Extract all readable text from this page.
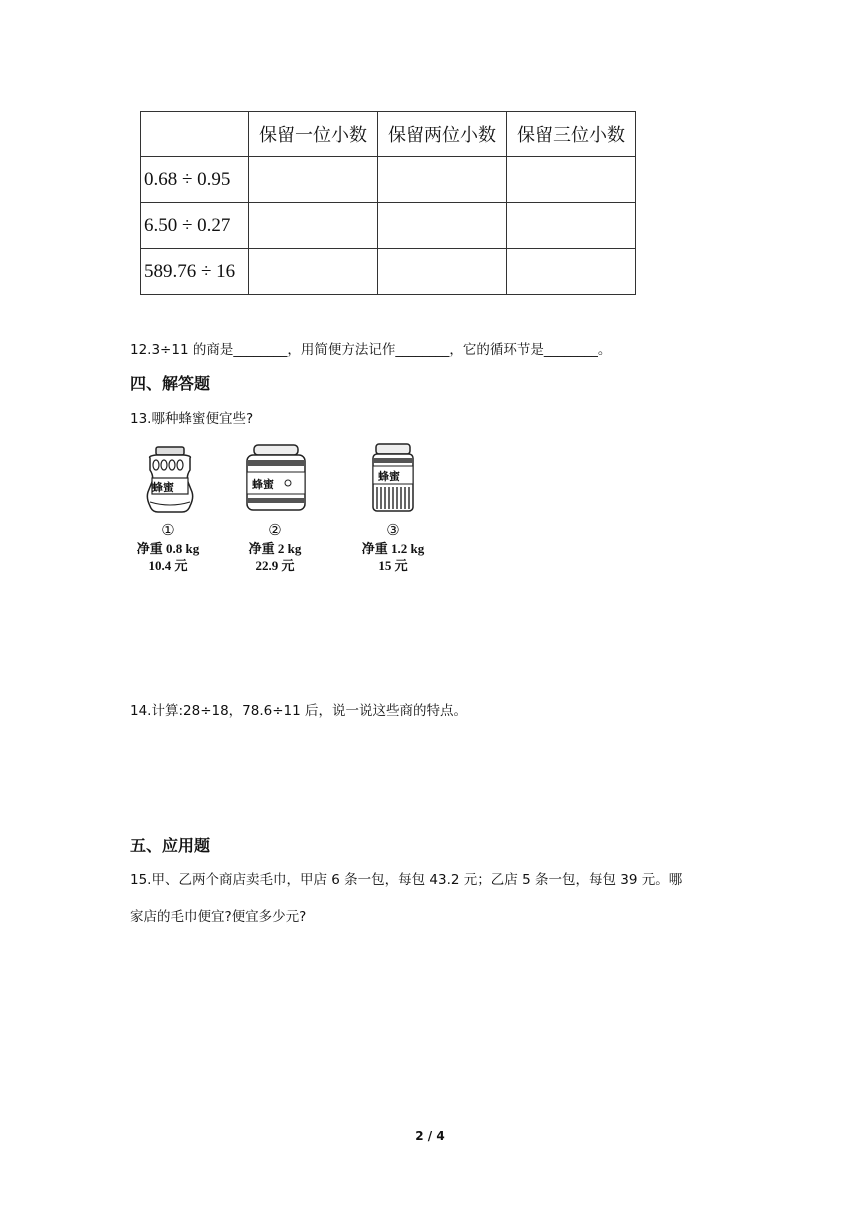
	保留一位小数	保留两位小数	保留三位小数
0.68 ÷ 0.95			
6.50 ÷ 0.27			
589.76 ÷ 16			
12.3÷11 的商是________，用简便方法记作________，它的循环节是________。
四、解答题
13.哪种蜂蜜便宜些?
蜂蜜	蜂蜜
蜂蜜
①
净重 0.8 kg
10.4 元
②
净重 2 kg
22.9 元
③
净重 1.2 kg
15 元
14.计算:28÷18，78.6÷11 后，说一说这些商的特点。
五、应用题
15.甲、乙两个商店卖毛巾，甲店 6 条一包，每包 43.2 元；乙店 5 条一包，每包 39 元。哪
家店的毛巾便宜?便宜多少元?
2 / 4
